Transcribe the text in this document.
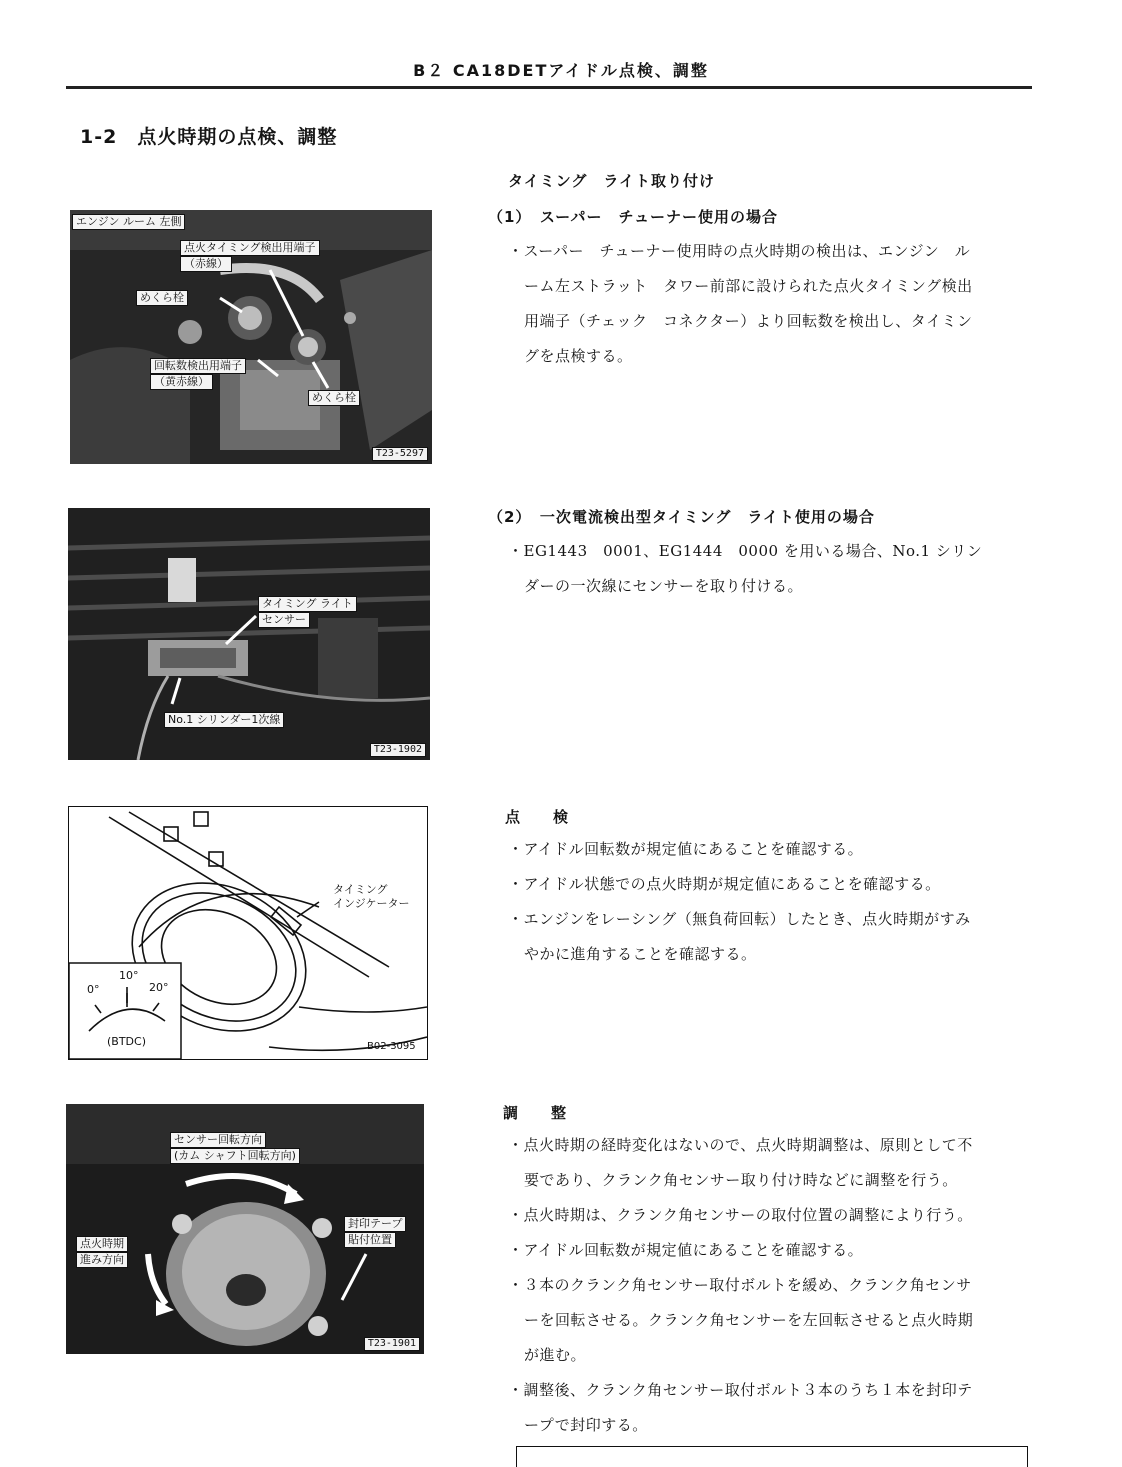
B２ CA18DETアイドル点検、調整
1-2　点火時期の点検、調整
エンジン ルーム 左側
点火タイミング検出用端子
（赤線）
めくら栓
回転数検出用端子
（黄赤線）
めくら栓
T23-5297
タイミング　ライト取り付け
（1）　スーパー　チューナー使用の場合

・スーパー　チューナー使用時の点火時期の検出は、エンジン　ル

ーム左ストラット　タワー前部に設けられた点火タイミング検出

用端子（チェック　コネクター）より回転数を検出し、タイミン

グを点検する。

タイミング ライト
センサー
No.1 シリンダー1次線
T23-1902
（2）　一次電流検出型タイミング　ライト使用の場合

・EG1443　0001、EG1444　0000 を用いる場合、No.1 シリン

ダーの一次線にセンサーを取り付ける。

タイミング
インジケーター
0°
10°
20°
(BTDC)	B02-3095
点　　検

・アイドル回転数が規定値にあることを確認する。

・アイドル状態での点火時期が規定値にあることを確認する。

・エンジンをレーシング（無負荷回転）したとき、点火時期がすみ

やかに進角することを確認する。

センサー回転方向
(カム シャフト回転方向)
点火時期
進み方向
封印テープ
貼付位置
T23-1901
調　　整

・点火時期の経時変化はないので、点火時期調整は、原則として不

要であり、クランク角センサー取り付け時などに調整を行う。

・点火時期は、クランク角センサーの取付位置の調整により行う。

・アイドル回転数が規定値にあることを確認する。

・３本のクランク角センサー取付ボルトを緩め、クランク角センサ

ーを回転させる。クランク角センサーを左回転させると点火時期

が進む。

・調整後、クランク角センサー取付ボルト３本のうち１本を封印テ

ープで封印する。
